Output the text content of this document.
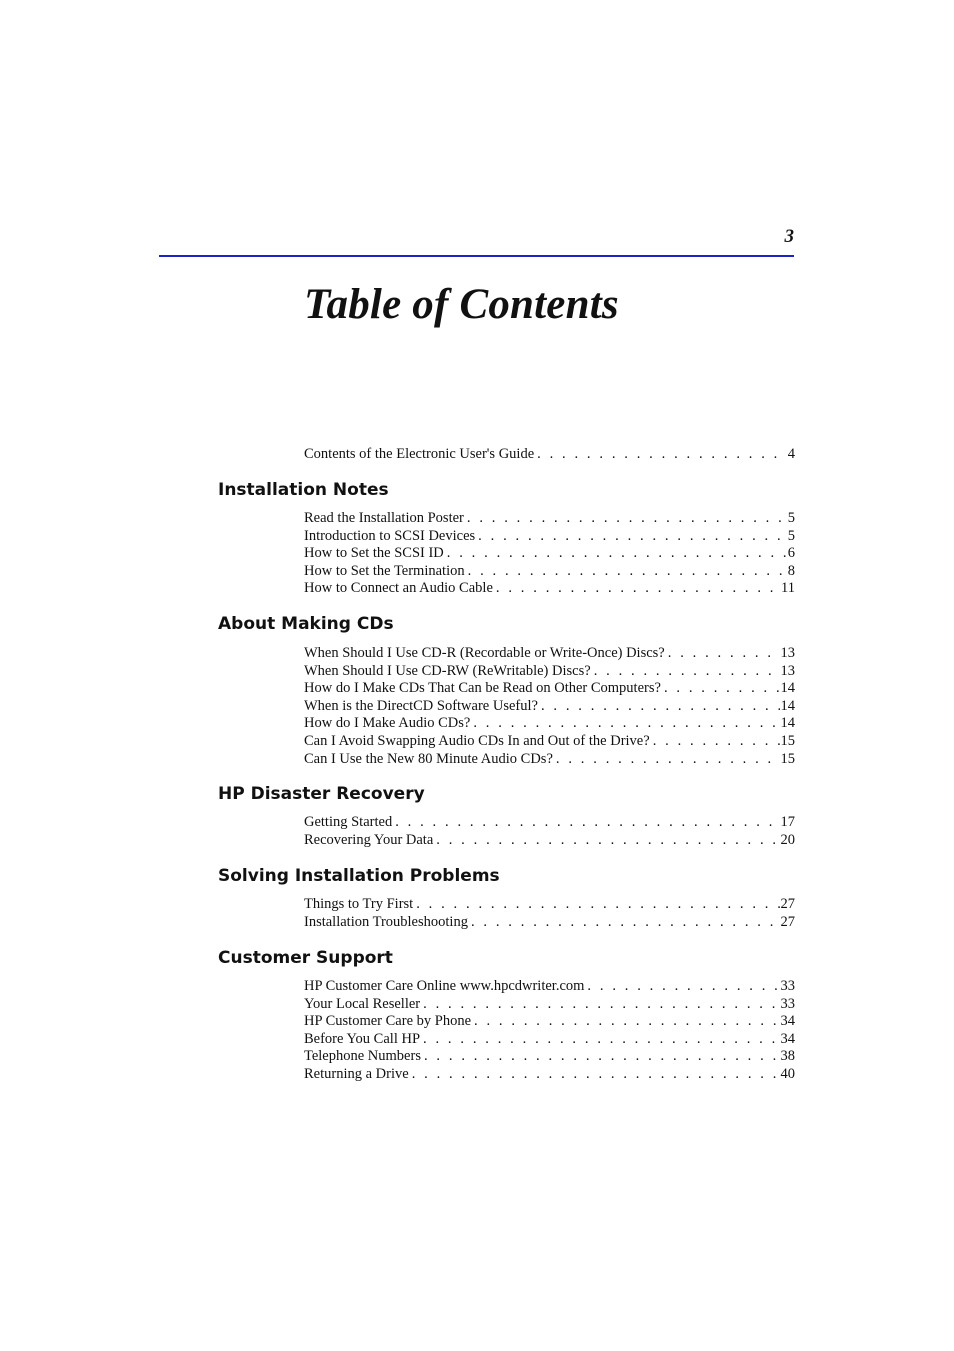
3
Table of Contents
Contents of the Electronic User's Guide . . .	4
Installation Notes
Read the Installation Poster . . .	5
Introduction to SCSI Devices . . .	5
How to Set the SCSI ID . . .	6
How to Set the Termination . . .	8
How to Connect an Audio Cable . . .	11
About Making CDs
When Should I Use CD-R (Recordable or Write-Once) Discs? . . .	13
When Should I Use CD-RW (ReWritable) Discs? . . .	13
How do I Make CDs That Can be Read on Other Computers? . . .	14
When is the DirectCD Software Useful? . . .	14
How do I Make Audio CDs? . . .	14
Can I Avoid Swapping Audio CDs In and Out of the Drive? . . .	15
Can I Use the New 80 Minute Audio CDs? . . .	15
HP Disaster Recovery
Getting Started . . .	17
Recovering Your Data . . .	20
Solving Installation Problems
Things to Try First . . .	27
Installation Troubleshooting . . .	27
Customer Support
HP Customer Care Online www.hpcdwriter.com . . .	33
Your Local Reseller . . .	33
HP Customer Care by Phone . . .	34
Before You Call HP . . .	34
Telephone Numbers . . .	38
Returning a Drive . . .	40
